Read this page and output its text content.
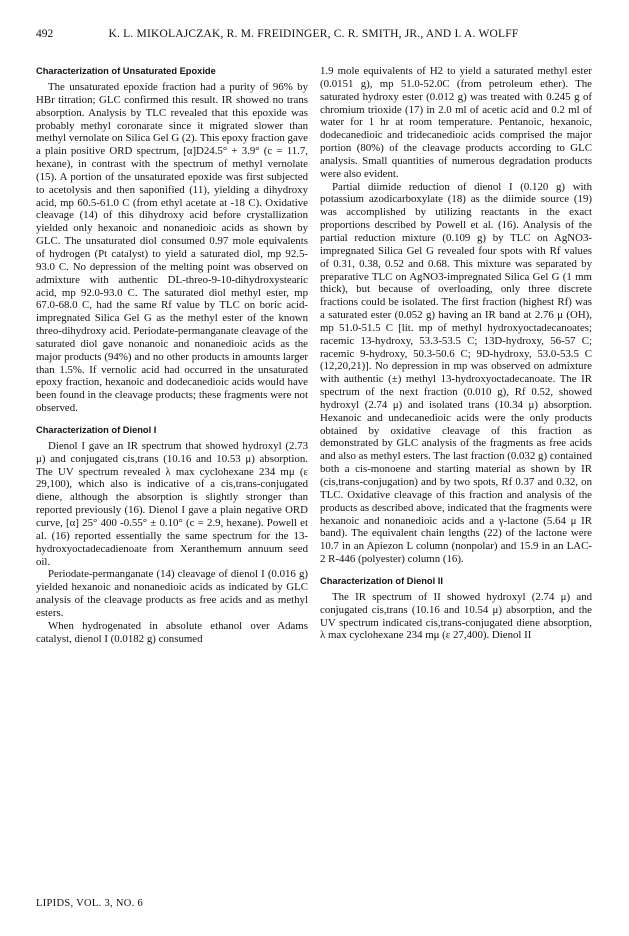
492	K. L. MIKOLAJCZAK, R. M. FREIDINGER, C. R. SMITH, JR., AND I. A. WOLFF
Characterization of Unsaturated Epoxide

The unsaturated epoxide fraction had a purity of 96% by HBr titration; GLC confirmed this result. IR showed no trans absorption. Analysis by TLC revealed that this epoxide was probably methyl coronarate since it migrated slower than methyl vernolate on Silica Gel G (2). This epoxy fraction gave a plain positive ORD spectrum, [α]D24.5° + 3.9° (c = 11.7, hexane), in contrast with the spectrum of methyl vernolate (15). A portion of the unsaturated epoxide was first subjected to acetolysis and then saponified (11), yielding a dihydroxy acid, mp 60.5-61.0 C (from ethyl acetate at -18 C). Oxidative cleavage (14) of this dihydroxy acid before crystallization yielded only hexanoic and nonanedioic acids as shown by GLC. The unsaturated diol consumed 0.97 mole equivalents of hydrogen (Pt catalyst) to yield a saturated diol, mp 92.5-93.0 C. No depression of the melting point was observed on admixture with authentic DL-threo-9-10-dihydroxystearic acid, mp 92.0-93.0 C. The saturated diol methyl ester, mp 67.0-68.0 C, had the same Rf value by TLC on boric acid-impregnated Silica Gel G as the methyl ester of the known threo-dihydroxy acid. Periodate-permanganate cleavage of the saturated diol gave nonanoic and nonanedioic acids as the major products (94%) and no other products in amounts larger than 1.5%. If vernolic acid had occurred in the unsaturated epoxy fraction, hexanoic and dodecanedioic acids would have been found in the cleavage products; these fragments were not observed.

Characterization of Dienol I

Dienol I gave an IR spectrum that showed hydroxyl (2.73 μ) and conjugated cis,trans (10.16 and 10.53 μ) absorption. The UV spectrum revealed λ max cyclohexane 234 mμ (ε 29,100), which also is indicative of a cis,trans-conjugated diene, although the absorption is slightly stronger than reported previously (16). Dienol I gave a plain negative ORD curve, [α] 25° 400 -0.55° ± 0.10° (c = 2.9, hexane). Powell et al. (16) reported essentially the same spectrum for the 13-hydroxyoctadecadienoate from Xeranthemum annuum seed oil.

Periodate-permanganate (14) cleavage of dienol I (0.016 g) yielded hexanoic and nonanedioic acids as indicated by GLC analysis of the cleavage products as free acids and as methyl esters.

When hydrogenated in absolute ethanol over Adams catalyst, dienol I (0.0182 g) consumed

1.9 mole equivalents of H2 to yield a saturated methyl ester (0.0151 g), mp 51.0-52.0C (from petroleum ether). The saturated hydroxy ester (0.012 g) was treated with 0.245 g of chromium trioxide (17) in 2.0 ml of acetic acid and 0.2 ml of water for 1 hr at room temperature. Pentanoic, hexanoic, dodecanedioic and tridecanedioic acids comprised the major portion (80%) of the cleavage products according to GLC analysis. Small quantities of numerous degradation products were also evident.

Partial diimide reduction of dienol I (0.120 g) with potassium azodicarboxylate (18) as the diimide source (19) was accomplished by utilizing reactants in the exact proportions described by Powell et al. (16). Analysis of the partial reduction mixture (0.109 g) by TLC on AgNO3-impregnated Silica Gel G revealed four spots with Rf values of 0.31, 0.38, 0.52 and 0.68. This mixture was separated by preparative TLC on AgNO3-impregnated Silica Gel G (1 mm thick), but because of overloading, only three discrete fractions could be isolated. The first fraction (highest Rf) was a saturated ester (0.052 g) having an IR band at 2.76 μ (OH), mp 51.0-51.5 C [lit. mp of methyl hydroxyoctadecanoates; racemic 13-hydroxy, 53.3-53.5 C; 13D-hydroxy, 56-57 C; racemic 9-hydroxy, 50.3-50.6 C; 9D-hydroxy, 53.0-53.5 C (12,20,21)]. No depression in mp was observed on admixture with authentic (±) methyl 13-hydroxyoctadecanoate. The IR spectrum of the next fraction (0.010 g), Rf 0.52, showed hydroxyl (2.74 μ) and isolated trans (10.34 μ) absorption. Hexanoic and undecanedioic acids were the only products obtained by oxidative cleavage of this fraction as demonstrated by GLC analysis of the fragments as free acids and also as methyl esters. The last fraction (0.032 g) contained both a cis-monoene and starting material as shown by IR (cis,trans-conjugation) and by two spots, Rf 0.37 and 0.32, on TLC. Oxidative cleavage of this fraction and analysis of the products as described above, indicated that the fragments were hexanoic and nonanedioic acids and a γ-lactone (5.64 μ IR band). The equivalent chain lengths (22) of the lactone were 10.7 in an Apiezon L column (nonpolar) and 15.9 in an LAC-2 R-446 (polyester) column (16).

Characterization of Dienol II

The IR spectrum of II showed hydroxyl (2.74 μ) and conjugated cis,trans (10.16 and 10.54 μ) absorption, and the UV spectrum indicated cis,trans-conjugated diene absorption, λ max cyclohexane 234 mμ (ε 27,400). Dienol II

LIPIDS, VOL. 3, NO. 6
